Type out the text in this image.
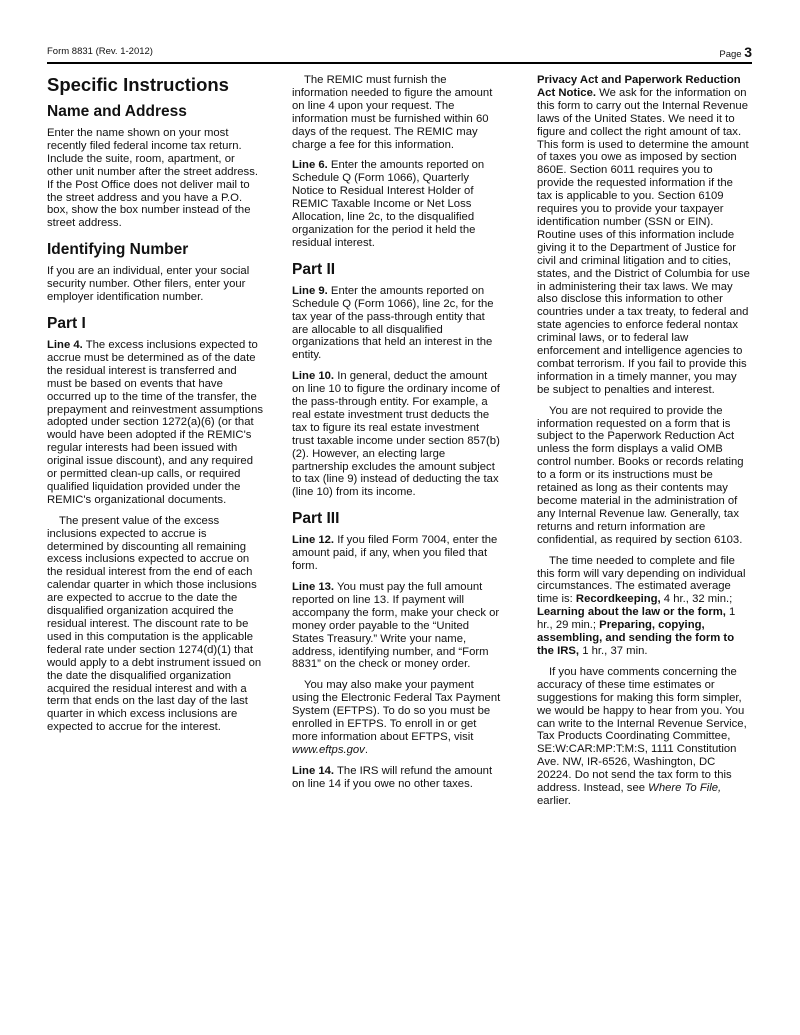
Form 8831 (Rev. 1-2012)	Page 3
Specific Instructions
Name and Address

Enter the name shown on your most recently filed federal income tax return. Include the suite, room, apartment, or other unit number after the street address. If the Post Office does not deliver mail to the street address and you have a P.O. box, show the box number instead of the street address.

Identifying Number

If you are an individual, enter your social security number. Other filers, enter your employer identification number.

Part I

Line 4. The excess inclusions expected to accrue must be determined as of the date the residual interest is transferred and must be based on events that have occurred up to the time of the transfer, the prepayment and reinvestment assumptions adopted under section 1272(a)(6) (or that would have been adopted if the REMIC's regular interests had been issued with original issue discount), and any required or permitted clean-up calls, or required qualified liquidation provided under the REMIC's organizational documents.

The present value of the excess inclusions expected to accrue is determined by discounting all remaining excess inclusions expected to accrue on the residual interest from the end of each calendar quarter in which those inclusions are expected to accrue to the date the disqualified organization acquired the residual interest. The discount rate to be used in this computation is the applicable federal rate under section 1274(d)(1) that would apply to a debt instrument issued on the date the disqualified organization acquired the residual interest and with a term that ends on the last day of the last quarter in which excess inclusions are expected to accrue for the interest.

The REMIC must furnish the information needed to figure the amount on line 4 upon your request. The information must be furnished within 60 days of the request. The REMIC may charge a fee for this information.

Line 6. Enter the amounts reported on Schedule Q (Form 1066), Quarterly Notice to Residual Interest Holder of REMIC Taxable Income or Net Loss Allocation, line 2c, to the disqualified organization for the period it held the residual interest.

Part II

Line 9. Enter the amounts reported on Schedule Q (Form 1066), line 2c, for the tax year of the pass-through entity that are allocable to all disqualified organizations that held an interest in the entity.

Line 10. In general, deduct the amount on line 10 to figure the ordinary income of the pass-through entity. For example, a real estate investment trust deducts the tax to figure its real estate investment trust taxable income under section 857(b)(2). However, an electing large partnership excludes the amount subject to tax (line 9) instead of deducting the tax (line 10) from its income.

Part III

Line 12. If you filed Form 7004, enter the amount paid, if any, when you filed that form.

Line 13. You must pay the full amount reported on line 13. If payment will accompany the form, make your check or money order payable to the “United States Treasury.” Write your name, address, identifying number, and “Form 8831” on the check or money order.

You may also make your payment using the Electronic Federal Tax Payment System (EFTPS). To do so you must be enrolled in EFTPS. To enroll in or get more information about EFTPS, visit www.eftps.gov.

Line 14. The IRS will refund the amount on line 14 if you owe no other taxes.

Privacy Act and Paperwork Reduction Act Notice. We ask for the information on this form to carry out the Internal Revenue laws of the United States. We need it to figure and collect the right amount of tax. This form is used to determine the amount of taxes you owe as imposed by section 860E. Section 6011 requires you to provide the requested information if the tax is applicable to you. Section 6109 requires you to provide your taxpayer identification number (SSN or EIN). Routine uses of this information include giving it to the Department of Justice for civil and criminal litigation and to cities, states, and the District of Columbia for use in administering their tax laws. We may also disclose this information to other countries under a tax treaty, to federal and state agencies to enforce federal nontax criminal laws, or to federal law enforcement and intelligence agencies to combat terrorism. If you fail to provide this information in a timely manner, you may be subject to penalties and interest.

You are not required to provide the information requested on a form that is subject to the Paperwork Reduction Act unless the form displays a valid OMB control number. Books or records relating to a form or its instructions must be retained as long as their contents may become material in the administration of any Internal Revenue law. Generally, tax returns and return information are confidential, as required by section 6103.

The time needed to complete and file this form will vary depending on individual circumstances. The estimated average time is: Recordkeeping, 4 hr., 32 min.; Learning about the law or the form, 1 hr., 29 min.; Preparing, copying, assembling, and sending the form to the IRS, 1 hr., 37 min.

If you have comments concerning the accuracy of these time estimates or suggestions for making this form simpler, we would be happy to hear from you. You can write to the Internal Revenue Service, Tax Products Coordinating Committee, SE:W:CAR:MP:T:M:S, 1111 Constitution Ave. NW, IR-6526, Washington, DC 20224. Do not send the tax form to this address. Instead, see Where To File, earlier.
